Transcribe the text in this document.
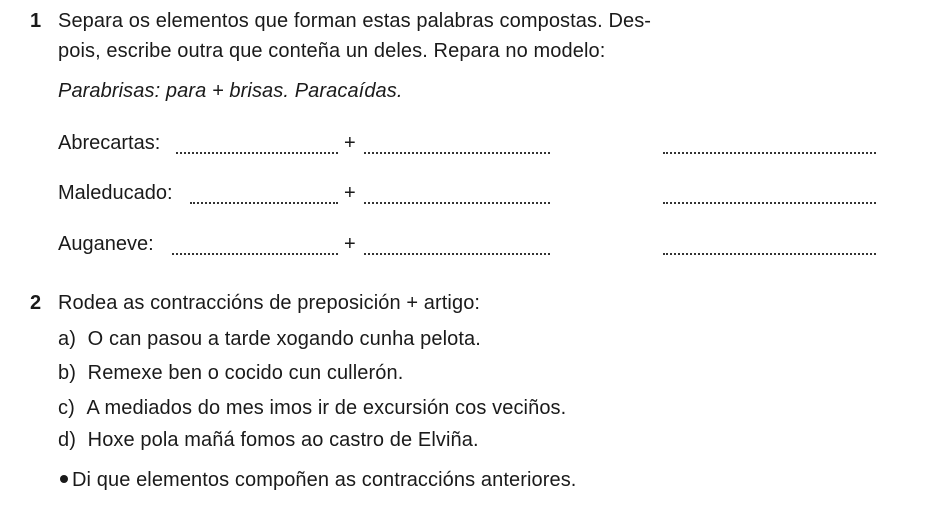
1 Separa os elementos que forman estas palabras compostas. Des-
pois, escribe outra que conteña un deles. Repara no modelo:
Parabrisas: para + brisas. Paracaídas.
Abrecartas:	+
Maleducado:	+
Auganeve:	+
2 Rodea as contraccións de preposición + artigo:
a) O can pasou a tarde xogando cunha pelota.
b) Remexe ben o cocido cun cullerón.
c) A mediados do mes imos ir de excursión cos veciños.
d) Hoxe pola mañá fomos ao castro de Elviña.
Di que elementos compoñen as contraccións anteriores.
